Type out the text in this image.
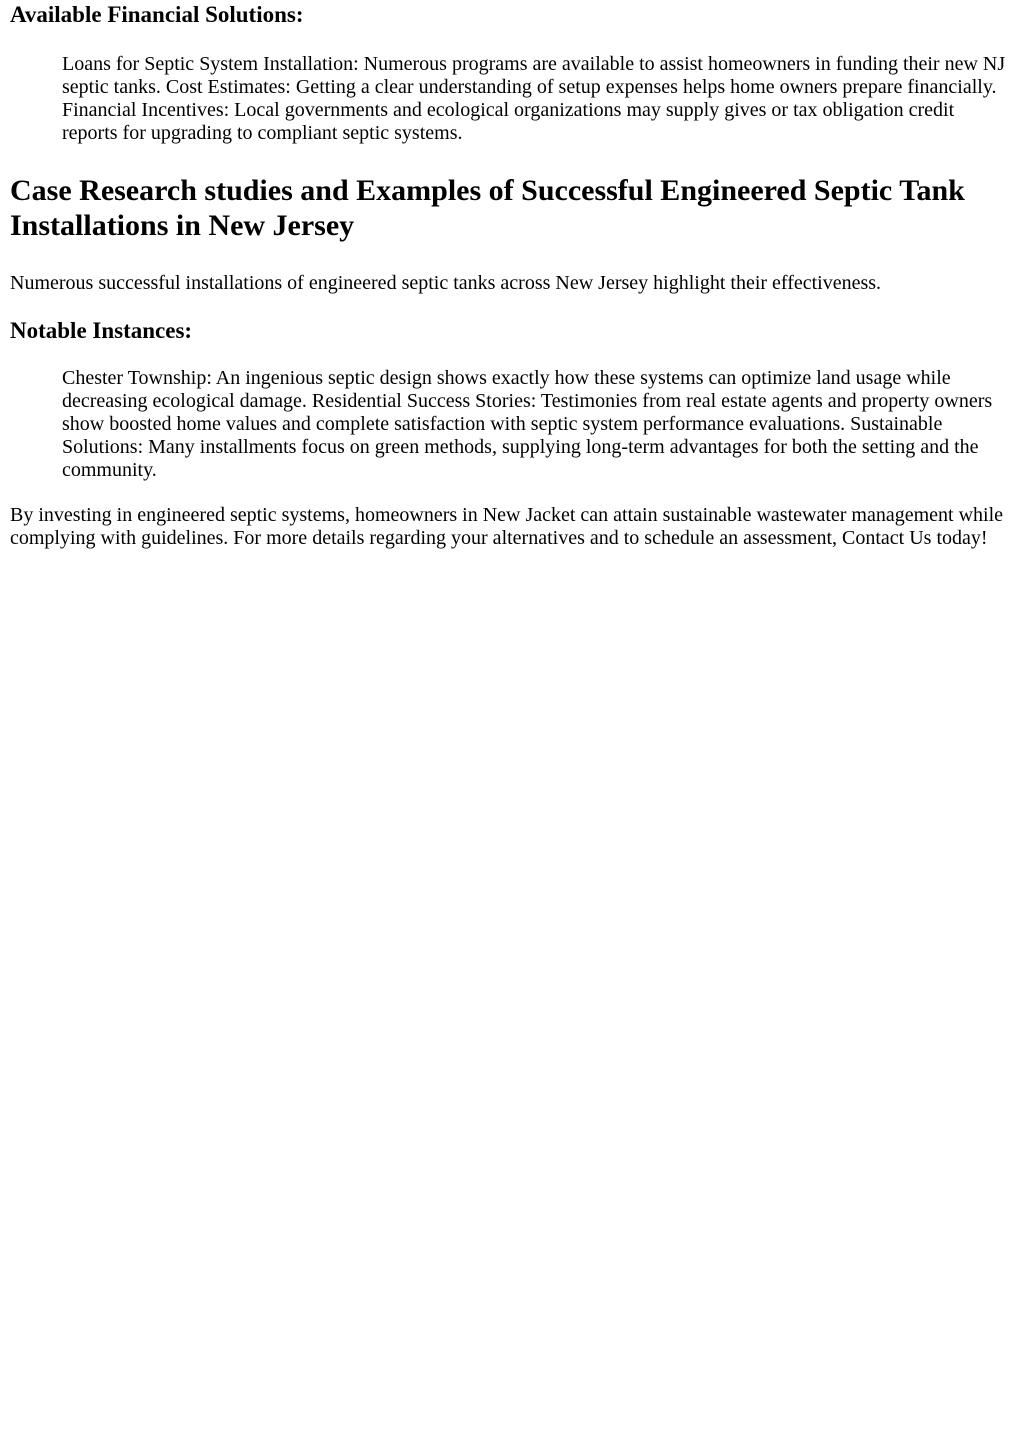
Available Financial Solutions:

Loans for Septic System Installation: Numerous programs are available to assist homeowners in funding their new NJ septic tanks. Cost Estimates: Getting a clear understanding of setup expenses helps home owners prepare financially. Financial Incentives: Local governments and ecological organizations may supply gives or tax obligation credit reports for upgrading to compliant septic systems.

Case Research studies and Examples of Successful Engineered Septic Tank Installations in New Jersey

Numerous successful installations of engineered septic tanks across New Jersey highlight their effectiveness.

Notable Instances:

Chester Township: An ingenious septic design shows exactly how these systems can optimize land usage while decreasing ecological damage. Residential Success Stories: Testimonies from real estate agents and property owners show boosted home values and complete satisfaction with septic system performance evaluations. Sustainable Solutions: Many installments focus on green methods, supplying long-term advantages for both the setting and the community.

By investing in engineered septic systems, homeowners in New Jacket can attain sustainable wastewater management while complying with guidelines. For more details regarding your alternatives and to schedule an assessment, Contact Us today!
